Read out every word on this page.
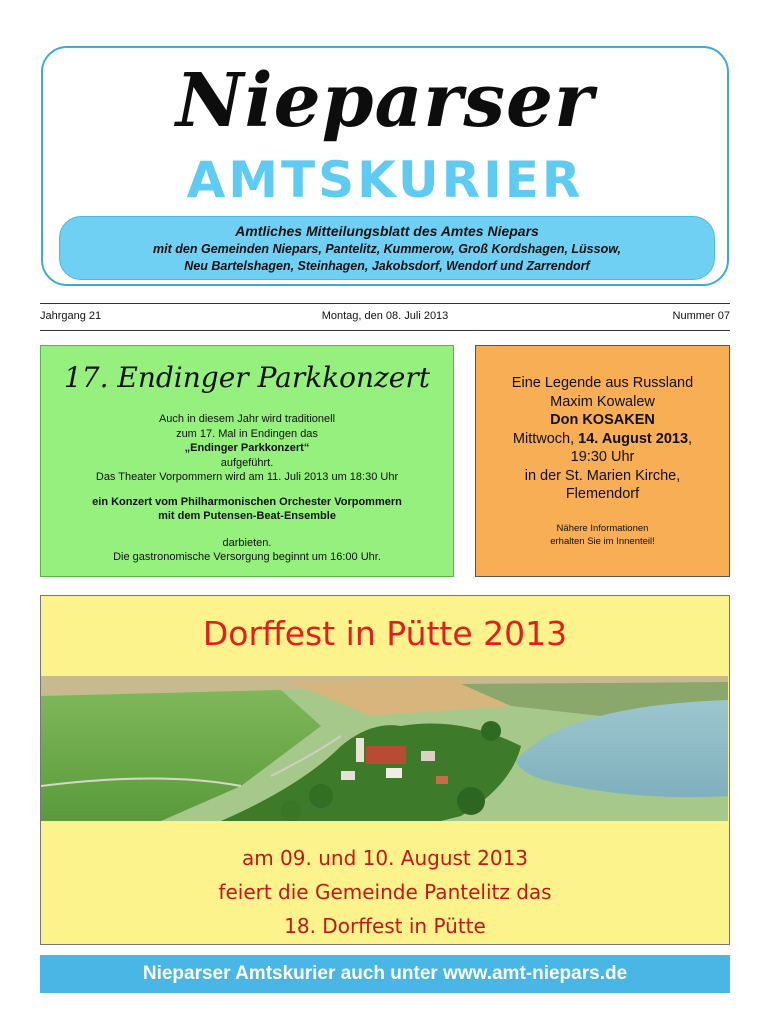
Nieparser
AMTSKURIER
Amtliches Mitteilungsblatt des Amtes Niepars
mit den Gemeinden Niepars, Pantelitz, Kummerow, Groß Kordshagen, Lüssow,
Neu Bartelshagen, Steinhagen, Jakobsdorf, Wendorf und Zarrendorf
Jahrgang 21	Montag, den 08. Juli 2013	Nummer 07
17. Endinger Parkkonzert
Auch in diesem Jahr wird traditionell
zum 17. Mal in Endingen das
„Endinger Parkkonzert“
aufgeführt.
Das Theater Vorpommern wird am 11. Juli 2013 um 18:30 Uhr
ein Konzert vom Philharmonischen Orchester Vorpommern
mit dem Putensen-Beat-Ensemble
darbieten.
Die gastronomische Versorgung beginnt um 16:00 Uhr.
Eine Legende aus Russland
Maxim Kowalew
Don KOSAKEN
Mittwoch, 14. August 2013,
19:30 Uhr
in der St. Marien Kirche,
Flemendorf
Nähere Informationen
erhalten Sie im Innenteil!
Dorffest in Pütte 2013
am 09. und 10. August 2013
feiert die Gemeinde Pantelitz das
18. Dorffest in Pütte
Nieparser Amtskurier auch unter www.amt-niepars.de
